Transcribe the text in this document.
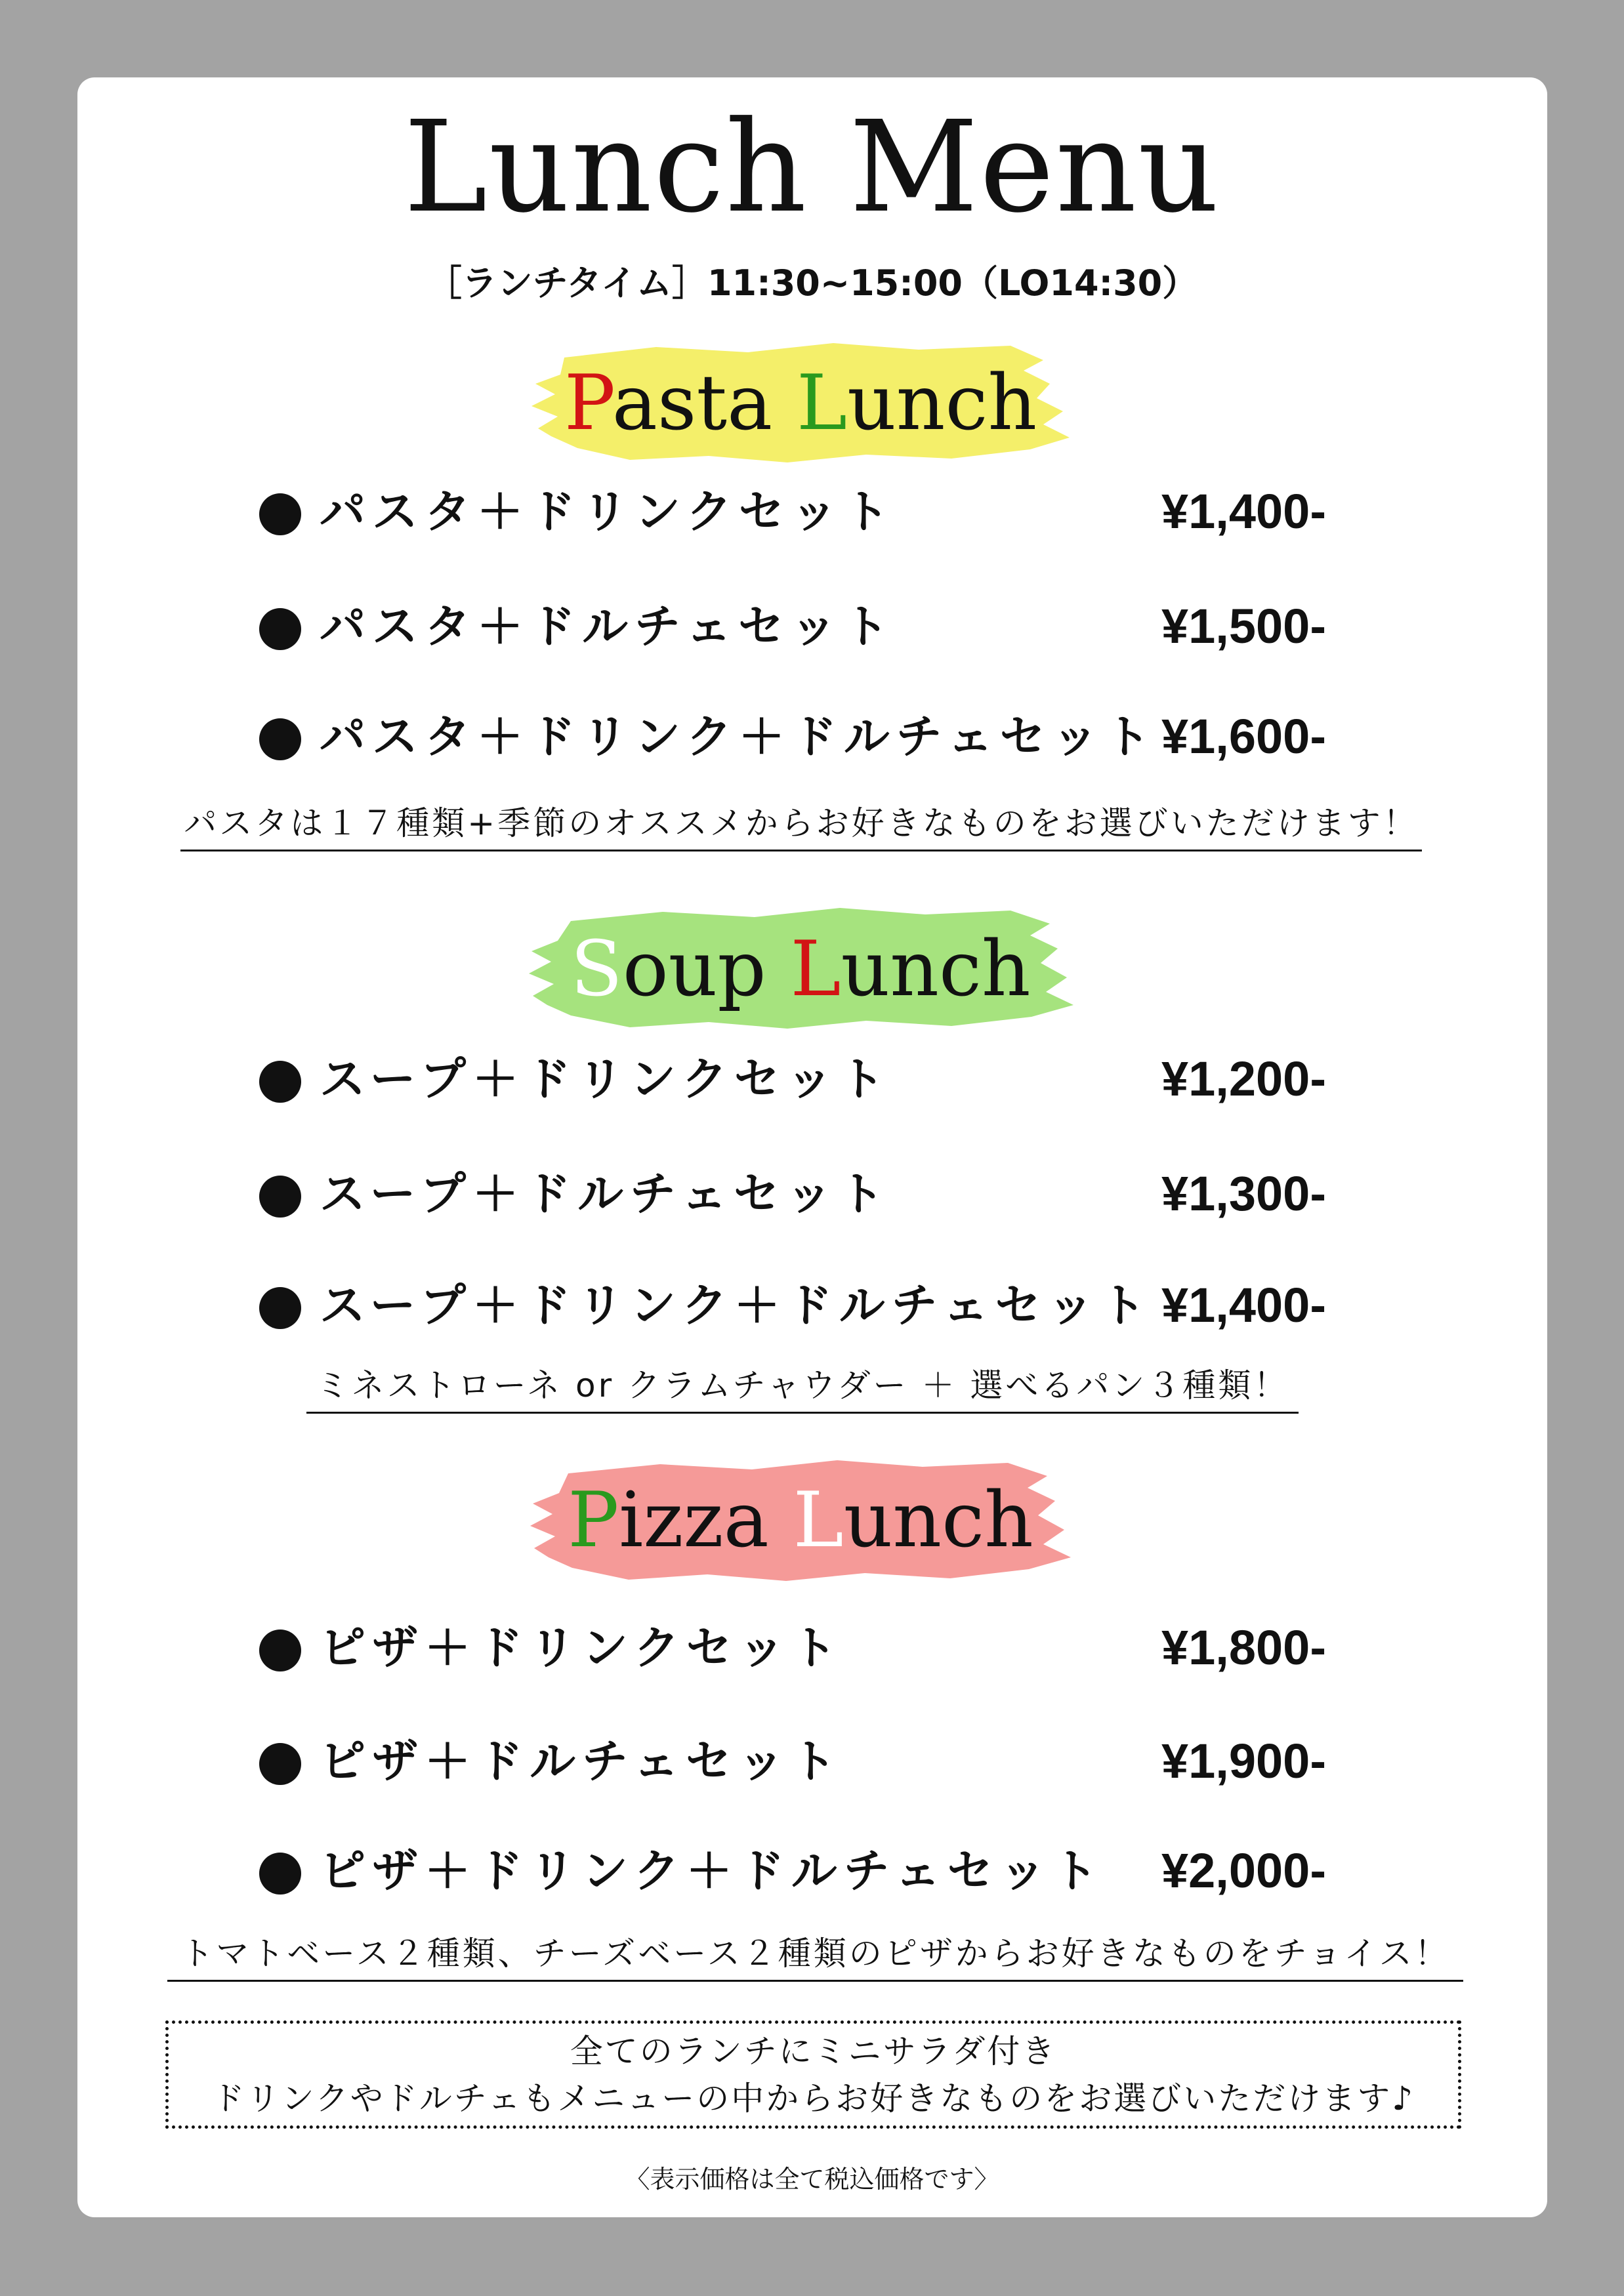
Lunch Menu
［ランチタイム］11:30~15:00（LO14:30）
Pasta Lunch
パスタ＋ドリンクセット	¥1,400-
パスタ＋ドルチェセット	¥1,500-
パスタ＋ドリンク＋ドルチェセット ¥1,600-
パスタは１７種類+季節のオススメからお好きなものをお選びいただけます！
Soup Lunch
スープ＋ドリンクセット	¥1,200-
スープ＋ドルチェセット	¥1,300-
スープ＋ドリンク＋ドルチェセット ¥1,400-
ミネストローネ or クラムチャウダー ＋ 選べるパン３種類！
Pizza Lunch
ピザ＋ドリンクセット	¥1,800-
ピザ＋ドルチェセット	¥1,900-
ピザ＋ドリンク＋ドルチェセット ¥2,000-
トマトベース２種類、チーズベース２種類のピザからお好きなものをチョイス！
全てのランチにミニサラダ付き
ドリンクやドルチェもメニューの中からお好きなものをお選びいただけます♪
〈表示価格は全て税込価格です〉
